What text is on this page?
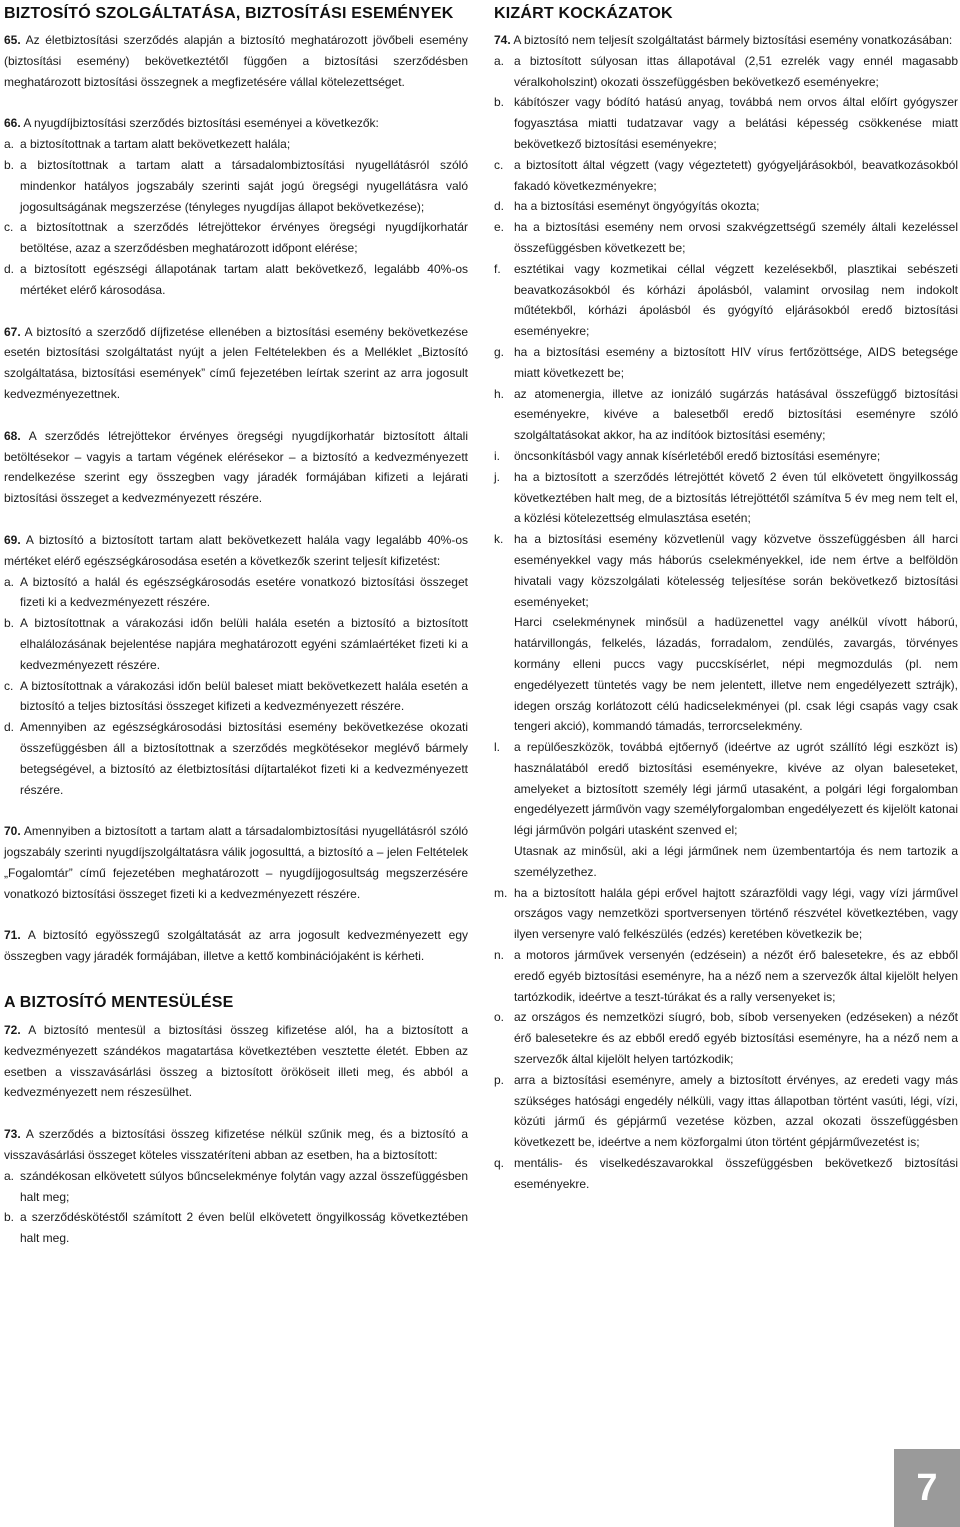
BIZTOSÍTÓ SZOLGÁLTATÁSA, BIZTOSÍTÁSI ESEMÉNYEK

65. Az életbiztosítási szerződés alapján a biztosító meghatározott jövőbeli esemény (biztosítási esemény) bekövetkeztétől függően a biztosítási szerződésben meghatározott biztosítási összegnek a megfizetésére vállal kötelezettséget.

66. A nyugdíjbiztosítási szerződés biztosítási eseményei a következők:

a. a biztosítottnak a tartam alatt bekövetkezett halála;
b. a biztosítottnak a tartam alatt a társadalombiztosítási nyugellátásról szóló mindenkor hatályos jogszabály szerinti saját jogú öregségi nyugellátásra való jogosultságának megszerzése (tényleges nyugdíjas állapot bekövetkezése);
c. a biztosítottnak a szerződés létrejöttekor érvényes öregségi nyugdíjkorhatár betöltése, azaz a szerződésben meghatározott időpont elérése;
d. a biztosított egészségi állapotának tartam alatt bekövetkező, legalább 40%-os mértéket elérő károsodása.

67. A biztosító a szerződő díjfizetése ellenében a biztosítási esemény bekövetkezése esetén biztosítási szolgáltatást nyújt a jelen Feltételekben és a Melléklet „Biztosító szolgáltatása, biztosítási események” című fejezetében leírtak szerint az arra jogosult kedvezményezettnek.

68. A szerződés létrejöttekor érvényes öregségi nyugdíjkorhatár biztosított általi betöltésekor – vagyis a tartam végének elérésekor – a biztosító a kedvezményezett rendelkezése szerint egy összegben vagy járadék formájában kifizeti a lejárati biztosítási összeget a kedvezményezett részére.

69. A biztosító a biztosított tartam alatt bekövetkezett halála vagy legalább 40%-os mértéket elérő egészségkárosodása esetén a következők szerint teljesít kifizetést:

a. A biztosító a halál és egészségkárosodás esetére vonatkozó biztosítási összeget fizeti ki a kedvezményezett részére.
b. A biztosítottnak a várakozási időn belüli halála esetén a biztosító a biztosított elhalálozásának bejelentése napjára meghatározott egyéni számlaértéket fizeti ki a kedvezményezett részére.
c. A biztosítottnak a várakozási időn belül baleset miatt bekövetkezett halála esetén a biztosító a teljes biztosítási összeget kifizeti a kedvezményezett részére.
d. Amennyiben az egészségkárosodási biztosítási esemény bekövetkezése okozati összefüggésben áll a biztosítottnak a szerződés megkötésekor meglévő bármely betegségével, a biztosító az életbiztosítási díjtartalékot fizeti ki a kedvezményezett részére.

70. Amennyiben a biztosított a tartam alatt a társadalombiztosítási nyugellátásról szóló jogszabály szerinti nyugdíjszolgáltatásra válik jogosulttá, a biztosító a – jelen Feltételek „Fogalomtár” című fejezetében meghatározott – nyugdíjjogosultság megszerzésére vonatkozó biztosítási összeget fizeti ki a kedvezményezett részére.

71. A biztosító egyösszegű szolgáltatását az arra jogosult kedvezményezett egy összegben vagy járadék formájában, illetve a kettő kombinációjaként is kérheti.

A BIZTOSÍTÓ MENTESÜLÉSE

72. A biztosító mentesül a biztosítási összeg kifizetése alól, ha a biztosított a kedvezményezett szándékos magatartása következtében vesztette életét. Ebben az esetben a visszavásárlási összeg a biztosított örököseit illeti meg, és abból a kedvezményezett nem részesülhet.

73. A szerződés a biztosítási összeg kifizetése nélkül szűnik meg, és a biztosító a visszavásárlási összeget köteles visszatéríteni abban az esetben, ha a biztosított:

a. szándékosan elkövetett súlyos bűncselekménye folytán vagy azzal összefüggésben halt meg;
b. a szerződéskötéstől számított 2 éven belül elkövetett öngyilkosság következtében halt meg.
KIZÁRT KOCKÁZATOK

74. A biztosító nem teljesít szolgáltatást bármely biztosítási esemény vonatkozásában:

a. a biztosított súlyosan ittas állapotával (2,51 ezrelék vagy ennél magasabb véralkoholszint) okozati összefüggésben bekövetkező eseményekre;
b. kábítószer vagy bódító hatású anyag, továbbá nem orvos által előírt gyógyszer fogyasztása miatti tudatzavar vagy a belátási képesség csökkenése miatt bekövetkező biztosítási eseményekre;
c. a biztosított által végzett (vagy végeztetett) gyógyeljárásokból, beavatkozásokból fakadó következményekre;
d. ha a biztosítási eseményt öngyógyítás okozta;
e. ha a biztosítási esemény nem orvosi szakvégzettségű személy általi kezeléssel összefüggésben következett be;
f.	esztétikai vagy kozmetikai céllal végzett kezelésekből, plasztikai sebészeti beavatkozásokból és kórházi ápolásból, valamint orvosilag nem indokolt műtétekből, kórházi ápolásból és gyógyító eljárásokból eredő biztosítási eseményekre;
g. ha a biztosítási esemény a biztosított HIV vírus fertőzöttsége, AIDS betegsége miatt következett be;
h. az atomenergia, illetve az ionizáló sugárzás hatásával összefüggő biztosítási eseményekre, kivéve a balesetből eredő biztosítási eseményre szóló szolgáltatásokat akkor, ha az indítóok biztosítási esemény;
i.	öncsonkításból vagy annak kísérletéből eredő biztosítási eseményre;
j.	ha a biztosított a szerződés létrejöttét követő 2 éven túl elkövetett öngyilkosság következtében halt meg, de a biztosítás létrejöttétől számítva 5 év meg nem telt el, a közlési kötelezettség elmulasztása esetén;
k. ha a biztosítási esemény közvetlenül vagy közvetve összefüggésben áll harci eseményekkel vagy más háborús cselekményekkel, ide nem értve a belföldön hivatali vagy közszolgálati kötelesség teljesítése során bekövetkező biztosítási eseményeket;
Harci cselekménynek minősül a hadüzenettel vagy anélkül vívott háború, határvillongás, felkelés, lázadás, forradalom, zendülés, zavargás, törvényes kormány elleni puccs vagy puccskísérlet, népi megmozdulás (pl. nem engedélyezett tüntetés vagy be nem jelentett, illetve nem engedélyezett sztrájk), idegen ország korlátozott célú hadicselekményei (pl. csak légi csapás vagy csak tengeri akció), kommandó támadás, terrorcselekmény.
l.	a repülőeszközök, továbbá ejtőernyő (ideértve az ugrót szállító légi eszközt is) használatából eredő biztosítási eseményekre, kivéve az olyan baleseteket, amelyeket a biztosított személy légi jármű utasaként, a polgári légi forgalomban engedélyezett járművön vagy személyforgalomban engedélyezett és kijelölt katonai légi járművön polgári utasként szenved el;
Utasnak az minősül, aki a légi járműnek nem üzembentartója és nem tartozik a személyzethez.
m. ha a biztosított halála gépi erővel hajtott szárazföldi vagy légi, vagy vízi járművel országos vagy nemzetközi sportversenyen történő részvétel következtében, vagy ilyen versenyre való felkészülés (edzés) keretében következik be;
n. a motoros járművek versenyén (edzésein) a nézőt érő balesetekre, és az ebből eredő egyéb biztosítási eseményre, ha a néző nem a szervezők által kijelölt helyen tartózkodik, ideértve a teszt-túrákat és a rally versenyeket is;
o. az országos és nemzetközi síugró, bob, síbob versenyeken (edzéseken) a nézőt érő balesetekre és az ebből eredő egyéb biztosítási eseményre, ha a néző nem a szervezők által kijelölt helyen tartózkodik;
p. arra a biztosítási eseményre, amely a biztosított érvényes, az eredeti vagy más szükséges hatósági engedély nélküli, vagy ittas állapotban történt vasúti, légi, vízi, közúti jármű és gépjármű vezetése közben, azzal okozati összefüggésben következett be, ideértve a nem közforgalmi úton történt gépjárművezetést is;
q. mentális- és viselkedészavarokkal összefüggésben bekövetkező biztosítási eseményekre.
7
